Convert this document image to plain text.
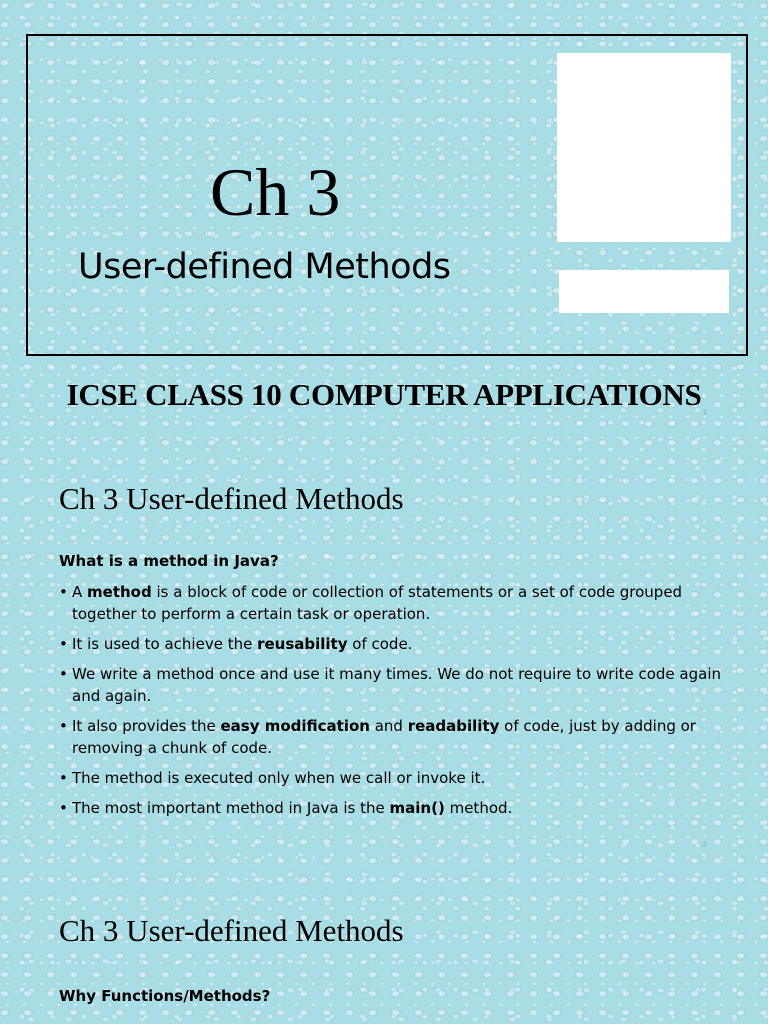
Ch 3
User-defined Methods
ICSE CLASS 10 COMPUTER APPLICATIONS
1
Ch 3 User-defined Methods
What is a method in Java?
• A method is a block of code or collection of statements or a set of code grouped together to perform a certain task or operation.
• It is used to achieve the reusability of code.
• We write a method once and use it many times. We do not require to write code again and again.
• It also provides the easy modification and readability of code, just by adding or removing a chunk of code.
• The method is executed only when we call or invoke it.
• The most important method in Java is the main() method.
2
Ch 3 User-defined Methods
Why Functions/Methods?
